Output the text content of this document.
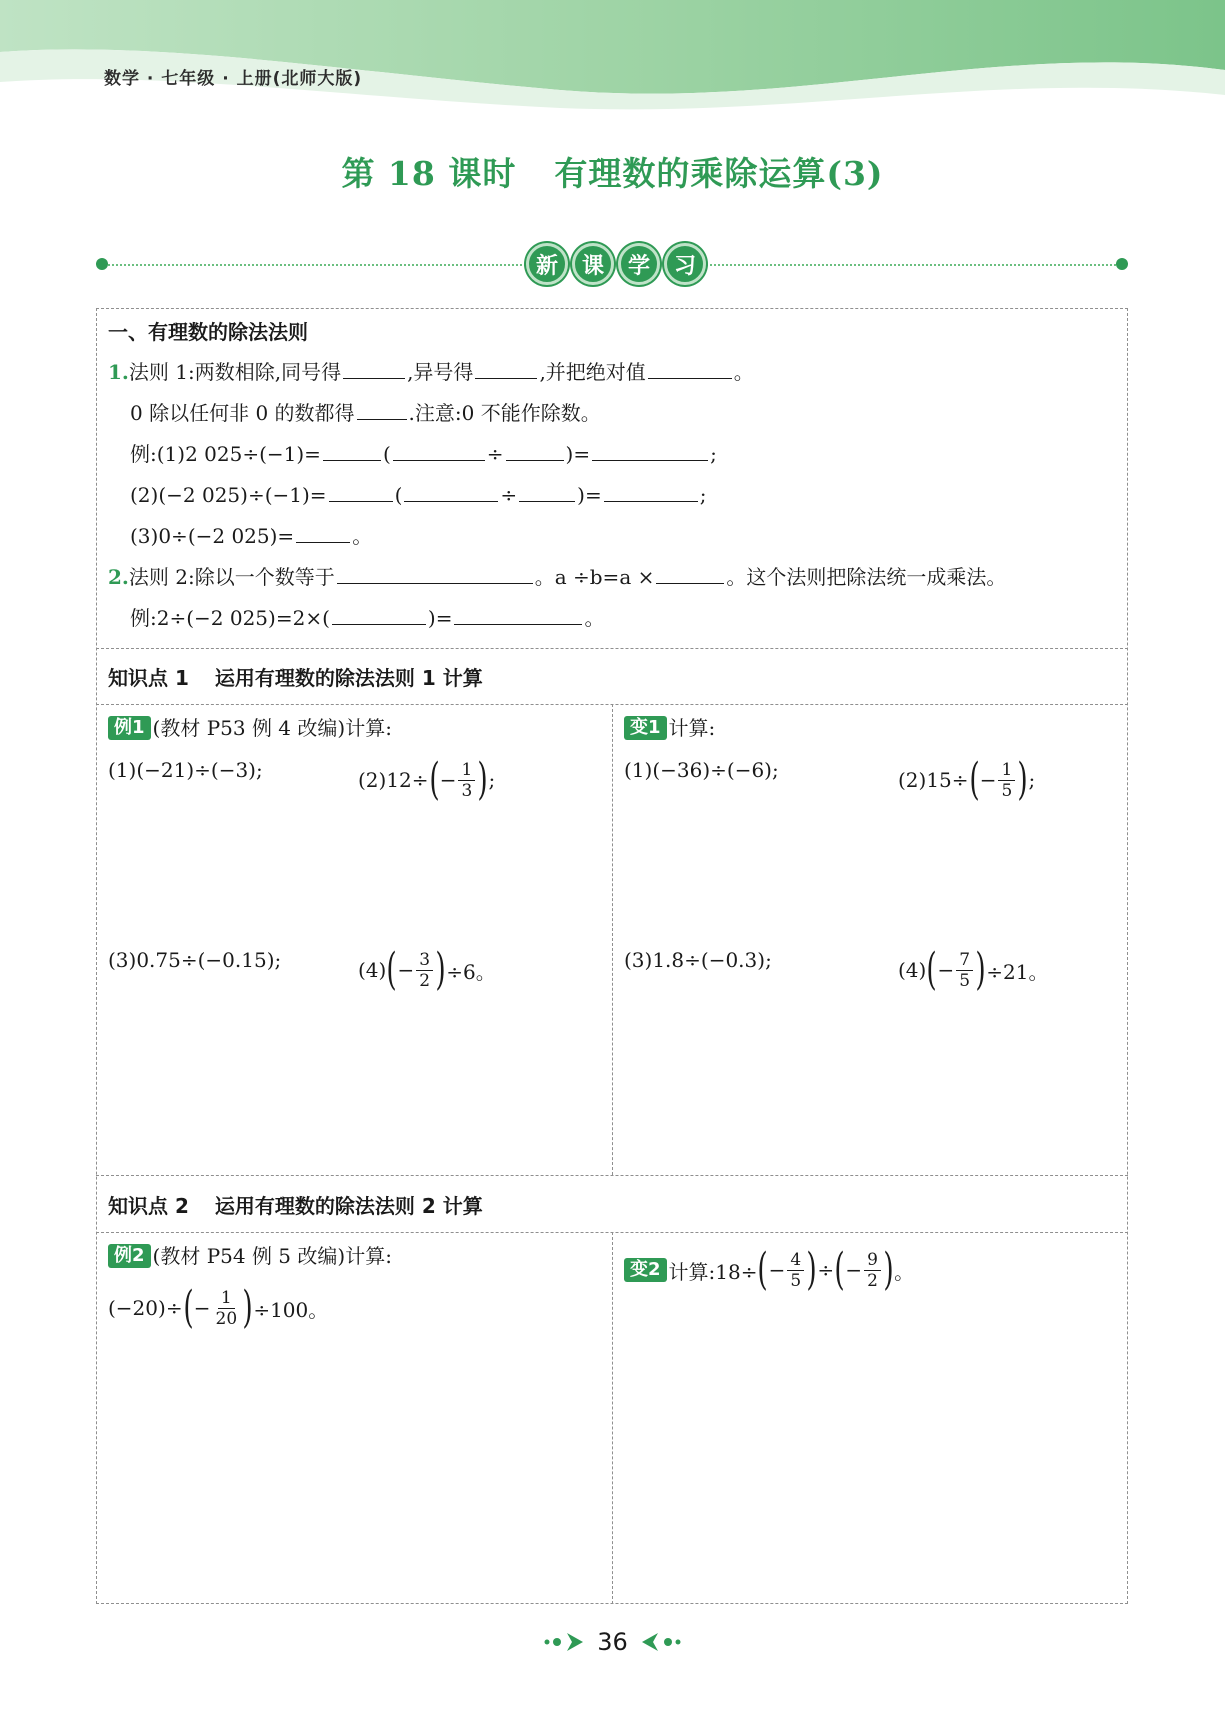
数学 · 七年级 · 上册(北师大版)
第 18 课时 有理数的乘除运算(3)
新	课	学	习
一、有理数的除法法则
1.法则 1:两数相除,同号得	,异号得	,并把绝对值	。
0 除以任何非 0 的数都得	.注意:0 不能作除数。
例:(1)2 025÷(−1)=	(	÷	)=	;
(2)(−2 025)÷(−1)=	(	÷	)=	;
(3)0÷(−2 025)=	。
2.法则 2:除以一个数等于	。a ÷b=a ×	。这个法则把除法统一成乘法。
例:2÷(−2 025)=2×(	)=	。
知识点 1 运用有理数的除法法则 1 计算
例1 (教材 P53 例 4 改编)计算:
(1)(−21)÷(−3);	(2)12÷ ( − $\frac{1}{3}$ ) ;
(3)0.75÷(−0.15);	(4) ( − $\frac{3}{2}$ ) ÷6。
变1 计算:
(1)(−36)÷(−6);	(2)15÷ ( − $\frac{1}{5}$ ) ;
(3)1.8÷(−0.3);	(4) ( − $\frac{7}{5}$ ) ÷21。
知识点 2 运用有理数的除法法则 2 计算
例2 (教材 P54 例 5 改编)计算:
(−20)÷ ( − $\frac{1}{20}$ ) ÷100。
变2 计算:18÷ ( − $\frac{4}{5}$ ) ÷ ( − $\frac{9}{2}$ ) 。
36
